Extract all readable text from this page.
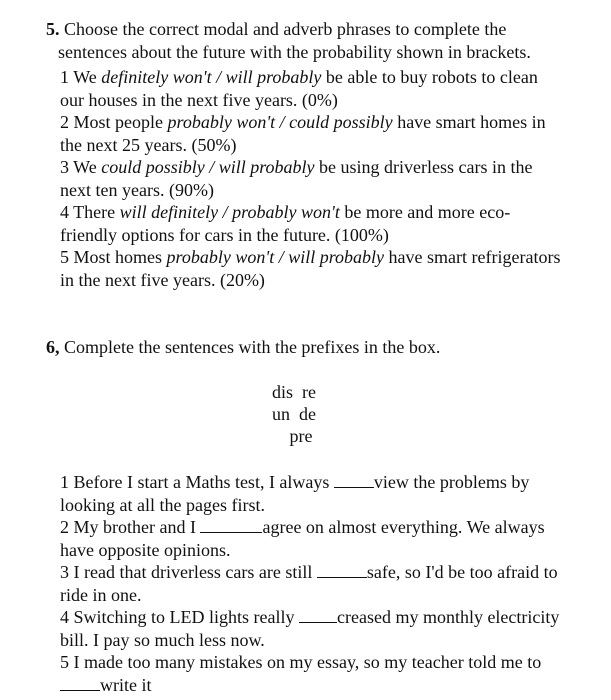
5. Choose the correct modal and adverb phrases to complete the sentences about the future with the probability shown in brackets.

1 We definitely won't / will probably be able to buy robots to clean our houses in the next five years. (0%)

2 Most people probably won't / could possibly have smart homes in the next 25 years. (50%)

3 We could possibly / will probably be using driverless cars in the next ten years. (90%)

4 There will definitely / probably won't be more and more eco-friendly options for cars in the future. (100%)

5 Most homes probably won't / will probably have smart refrigerators in the next five years. (20%)

6, Complete the sentences with the prefixes in the box.

dis re
un de
pre

1 Before I start a Maths test, I always view the problems by looking at all the pages first.

2 My brother and I	agree on almost everything. We always have opposite opinions.

3 I read that driverless cars are still	safe, so I'd be too afraid to ride in one.

4 Switching to LED lights really creased my monthly electricity bill. I pay so much less now.

5 I made too many mistakes on my essay, so my teacher told me to write it
